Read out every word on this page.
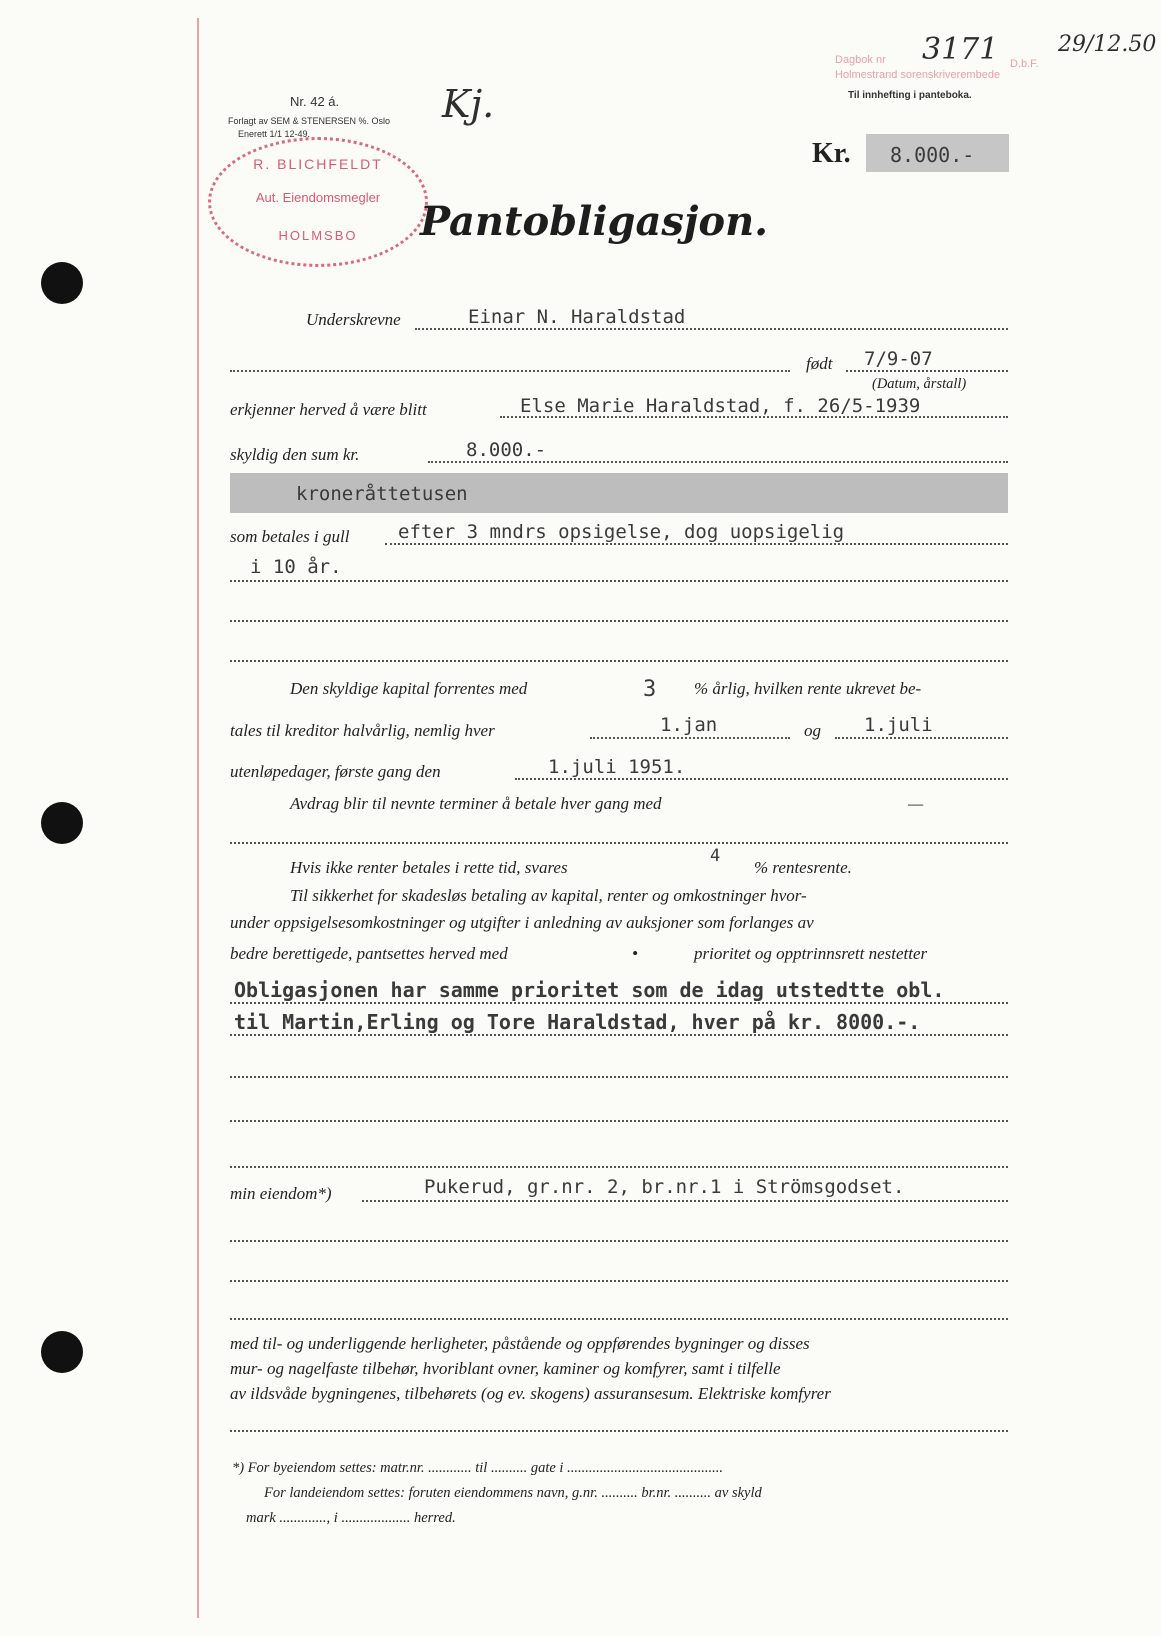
Nr. 42 á.
Forlagt av SEM & STENERSEN %. Oslo
Enerett 1/1 12-49.
Kj.
Dagbok nr 3171 D.b.F.
29/12.50
Holmestrand sorenskriverembede
Til innhefting i panteboka.
R. BLICHFELDT
Aut. Eiendomsmegler
HOLMSBO
Kr. 8.000.-
Pantobligasjon.
Underskrevne	Einar N. Haraldstad
født 7/9-07
(Datum, årstall)
erkjenner herved å være blitt	Else Marie Haraldstad, f. 26/5-1939
skyldig den sum kr.	8.000.-
kroneråttetusen
som betales i gull	efter 3 mndrs opsigelse, dog uopsigelig
i 10 år.
Den skyldige kapital forrentes med	3 % årlig, hvilken rente ukrevet be-
tales til kreditor halvårlig, nemlig hver	1.jan	og 1.juli
utenløpedager, første gang den	1.juli 1951.
Avdrag blir til nevnte terminer å betale hver gang med	—
Hvis ikke renter betales i rette tid, svares
4
% rentesrente.
Til sikkerhet for skadesløs betaling av kapital, renter og omkostninger hvor-
under oppsigelsesomkostninger og utgifter i anledning av auksjoner som forlanges av
bedre berettigede, pantsettes herved med	•	prioritet og opptrinnsrett nestetter
Obligasjonen har samme prioritet som de idag utstedtte obl.
til Martin,Erling og Tore Haraldstad, hver på kr. 8000.-.
min eiendom*)	Pukerud, gr.nr. 2, br.nr.1 i Strömsgodset.
med til- og underliggende herligheter, påstående og oppførendes bygninger og disses
mur- og nagelfaste tilbehør, hvoriblant ovner, kaminer og komfyrer, samt i tilfelle
av ildsvåde bygningenes, tilbehørets (og ev. skogens) assuransesum. Elektriske komfyrer
*) For byeiendom settes: matr.nr. ............ til .......... gate i ...........................................
For landeiendom settes: foruten eiendommens navn, g.nr. .......... br.nr. .......... av skyld
mark ............., i ................... herred.
